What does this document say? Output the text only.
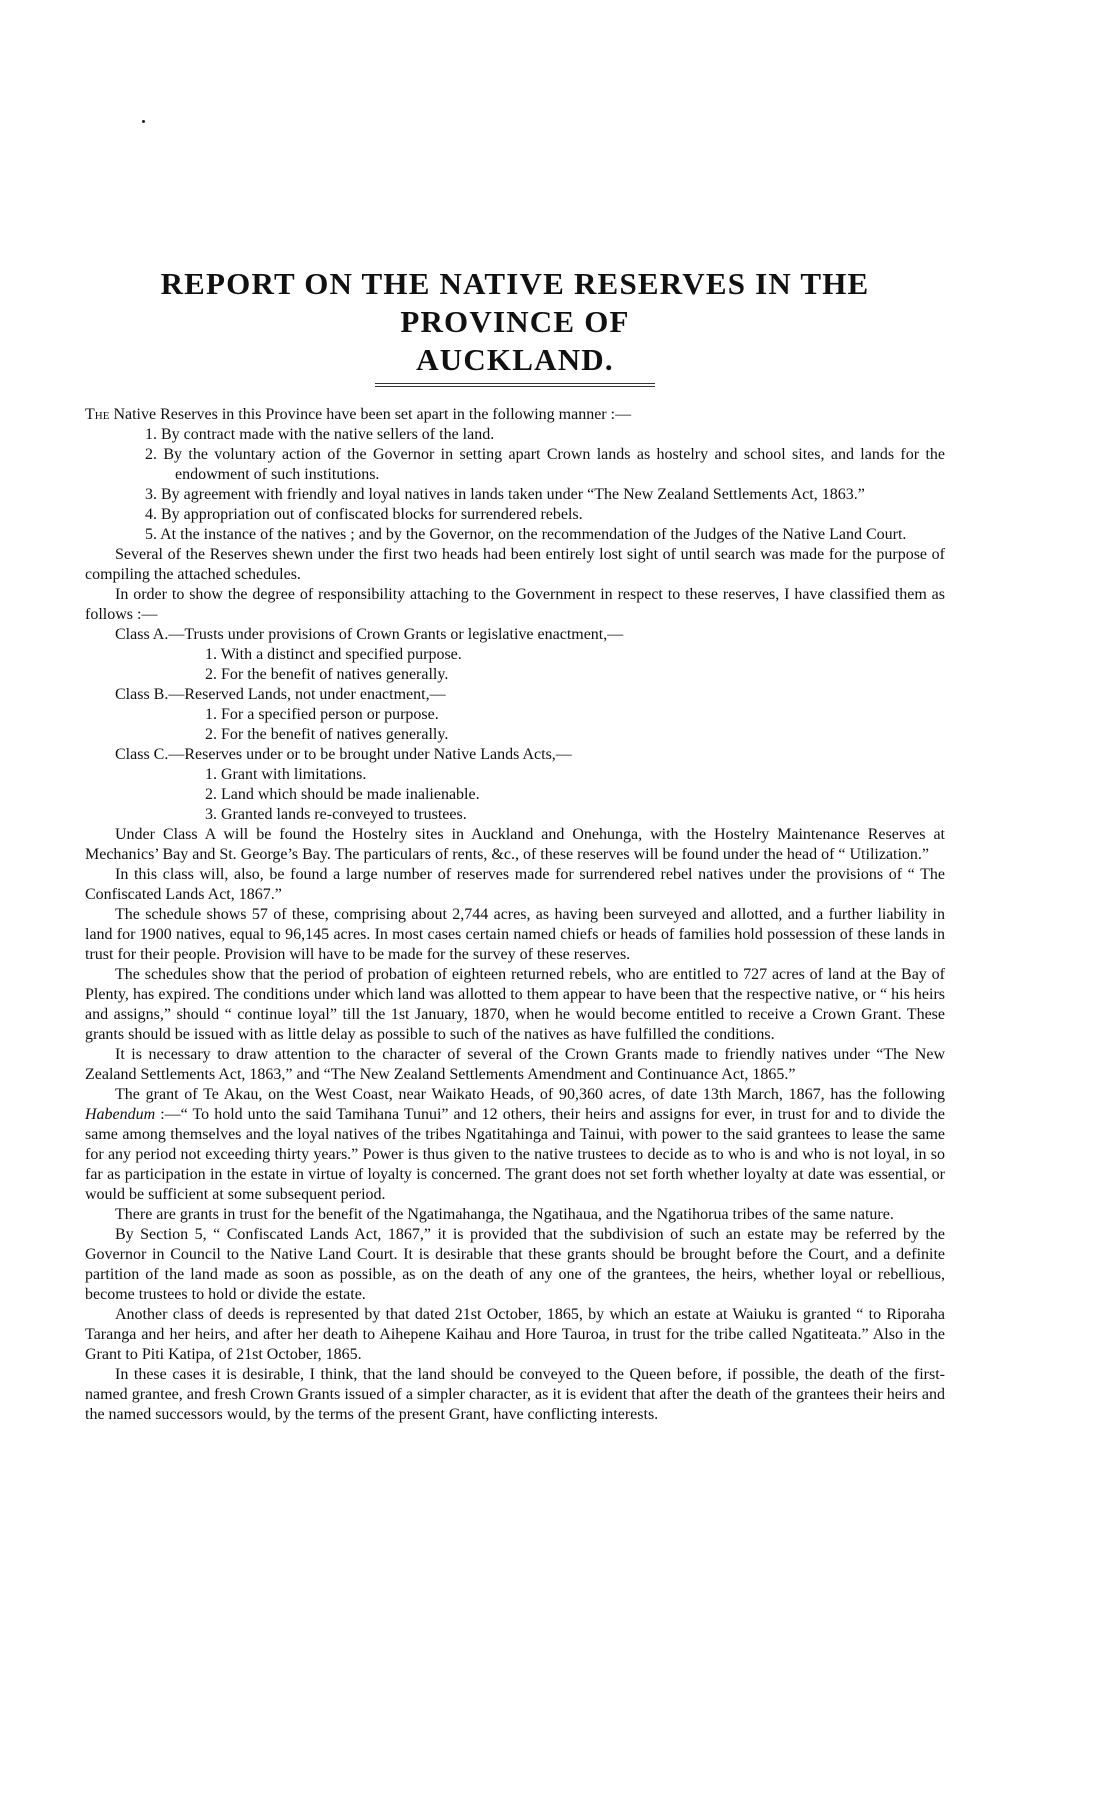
REPORT ON THE NATIVE RESERVES IN THE PROVINCE OF
AUCKLAND.

The Native Reserves in this Province have been set apart in the following manner :—

1. By contract made with the native sellers of the land.

2. By the voluntary action of the Governor in setting apart Crown lands as hostelry and school sites, and lands for the endowment of such institutions.

3. By agreement with friendly and loyal natives in lands taken under “The New Zealand Settlements Act, 1863.”

4. By appropriation out of confiscated blocks for surrendered rebels.

5. At the instance of the natives ; and by the Governor, on the recommendation of the Judges of the Native Land Court.

Several of the Reserves shewn under the first two heads had been entirely lost sight of until search was made for the purpose of compiling the attached schedules.

In order to show the degree of responsibility attaching to the Government in respect to these reserves, I have classified them as follows :—

Class A.—Trusts under provisions of Crown Grants or legislative enactment,—

1. With a distinct and specified purpose.

2. For the benefit of natives generally.

Class B.—Reserved Lands, not under enactment,—

1. For a specified person or purpose.

2. For the benefit of natives generally.

Class C.—Reserves under or to be brought under Native Lands Acts,—

1. Grant with limitations.

2. Land which should be made inalienable.

3. Granted lands re-conveyed to trustees.

Under Class A will be found the Hostelry sites in Auckland and Onehunga, with the Hostelry Maintenance Reserves at Mechanics’ Bay and St. George’s Bay. The particulars of rents, &c., of these reserves will be found under the head of “ Utilization.”

In this class will, also, be found a large number of reserves made for surrendered rebel natives under the provisions of “ The Confiscated Lands Act, 1867.”

The schedule shows 57 of these, comprising about 2,744 acres, as having been surveyed and allotted, and a further liability in land for 1900 natives, equal to 96,145 acres. In most cases certain named chiefs or heads of families hold possession of these lands in trust for their people. Provision will have to be made for the survey of these reserves.

The schedules show that the period of probation of eighteen returned rebels, who are entitled to 727 acres of land at the Bay of Plenty, has expired. The conditions under which land was allotted to them appear to have been that the respective native, or “ his heirs and assigns,” should “ continue loyal” till the 1st January, 1870, when he would become entitled to receive a Crown Grant. These grants should be issued with as little delay as possible to such of the natives as have fulfilled the conditions.

It is necessary to draw attention to the character of several of the Crown Grants made to friendly natives under “The New Zealand Settlements Act, 1863,” and “The New Zealand Settlements Amendment and Continuance Act, 1865.”

The grant of Te Akau, on the West Coast, near Waikato Heads, of 90,360 acres, of date 13th March, 1867, has the following Habendum :—“ To hold unto the said Tamihana Tunui” and 12 others, their heirs and assigns for ever, in trust for and to divide the same among themselves and the loyal natives of the tribes Ngatitahinga and Tainui, with power to the said grantees to lease the same for any period not exceeding thirty years.” Power is thus given to the native trustees to decide as to who is and who is not loyal, in so far as participation in the estate in virtue of loyalty is concerned. The grant does not set forth whether loyalty at date was essential, or would be sufficient at some subsequent period.

There are grants in trust for the benefit of the Ngatimahanga, the Ngatihaua, and the Ngatihorua tribes of the same nature.

By Section 5, “ Confiscated Lands Act, 1867,” it is provided that the subdivision of such an estate may be referred by the Governor in Council to the Native Land Court. It is desirable that these grants should be brought before the Court, and a definite partition of the land made as soon as possible, as on the death of any one of the grantees, the heirs, whether loyal or rebellious, become trustees to hold or divide the estate.

Another class of deeds is represented by that dated 21st October, 1865, by which an estate at Waiuku is granted “ to Riporaha Taranga and her heirs, and after her death to Aihepene Kaihau and Hore Tauroa, in trust for the tribe called Ngatiteata.” Also in the Grant to Piti Katipa, of 21st October, 1865.

In these cases it is desirable, I think, that the land should be conveyed to the Queen before, if possible, the death of the first-named grantee, and fresh Crown Grants issued of a simpler character, as it is evident that after the death of the grantees their heirs and the named successors would, by the terms of the present Grant, have conflicting interests.
